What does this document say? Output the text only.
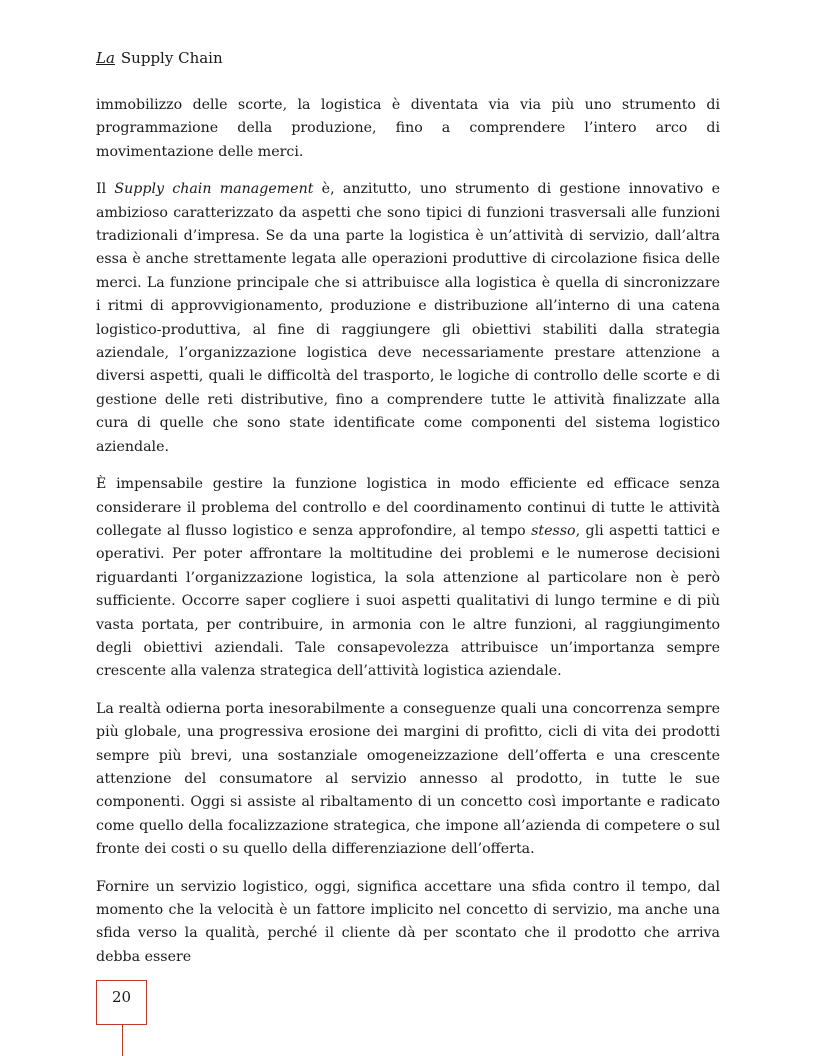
La Supply Chain

immobilizzo delle scorte, la logistica è diventata via via più uno strumento di programmazione della produzione, fino a comprendere l’intero arco di movimentazione delle merci.

Il Supply chain management è, anzitutto, uno strumento di gestione innovativo e ambizioso caratterizzato da aspetti che sono tipici di funzioni trasversali alle funzioni tradizionali d’impresa. Se da una parte la logistica è un’attività di servizio, dall’altra essa è anche strettamente legata alle operazioni produttive di circolazione fisica delle merci. La funzione principale che si attribuisce alla logistica è quella di sincronizzare i ritmi di approvvigionamento, produzione e distribuzione all’interno di una catena logistico-produttiva, al fine di raggiungere gli obiettivi stabiliti dalla strategia aziendale, l’organizzazione logistica deve necessariamente prestare attenzione a diversi aspetti, quali le difficoltà del trasporto, le logiche di controllo delle scorte e di gestione delle reti distributive, fino a comprendere tutte le attività finalizzate alla cura di quelle che sono state identificate come componenti del sistema logistico aziendale.

È impensabile gestire la funzione logistica in modo efficiente ed efficace senza considerare il problema del controllo e del coordinamento continui di tutte le attività collegate al flusso logistico e senza approfondire, al tempo stesso, gli aspetti tattici e operativi. Per poter affrontare la moltitudine dei problemi e le numerose decisioni riguardanti l’organizzazione logistica, la sola attenzione al particolare non è però sufficiente. Occorre saper cogliere i suoi aspetti qualitativi di lungo termine e di più vasta portata, per contribuire, in armonia con le altre funzioni, al raggiungimento degli obiettivi aziendali. Tale consapevolezza attribuisce un’importanza sempre crescente alla valenza strategica dell’attività logistica aziendale.

La realtà odierna porta inesorabilmente a conseguenze quali una concorrenza sempre più globale, una progressiva erosione dei margini di profitto, cicli di vita dei prodotti sempre più brevi, una sostanziale omogeneizzazione dell’offerta e una crescente attenzione del consumatore al servizio annesso al prodotto, in tutte le sue componenti. Oggi si assiste al ribaltamento di un concetto così importante e radicato come quello della focalizzazione strategica, che impone all’azienda di competere o sul fronte dei costi o su quello della differenziazione dell’offerta.

Fornire un servizio logistico, oggi, significa accettare una sfida contro il tempo, dal momento che la velocità è un fattore implicito nel concetto di servizio, ma anche una sfida verso la qualità, perché il cliente dà per scontato che il prodotto che arriva debba essere

20
